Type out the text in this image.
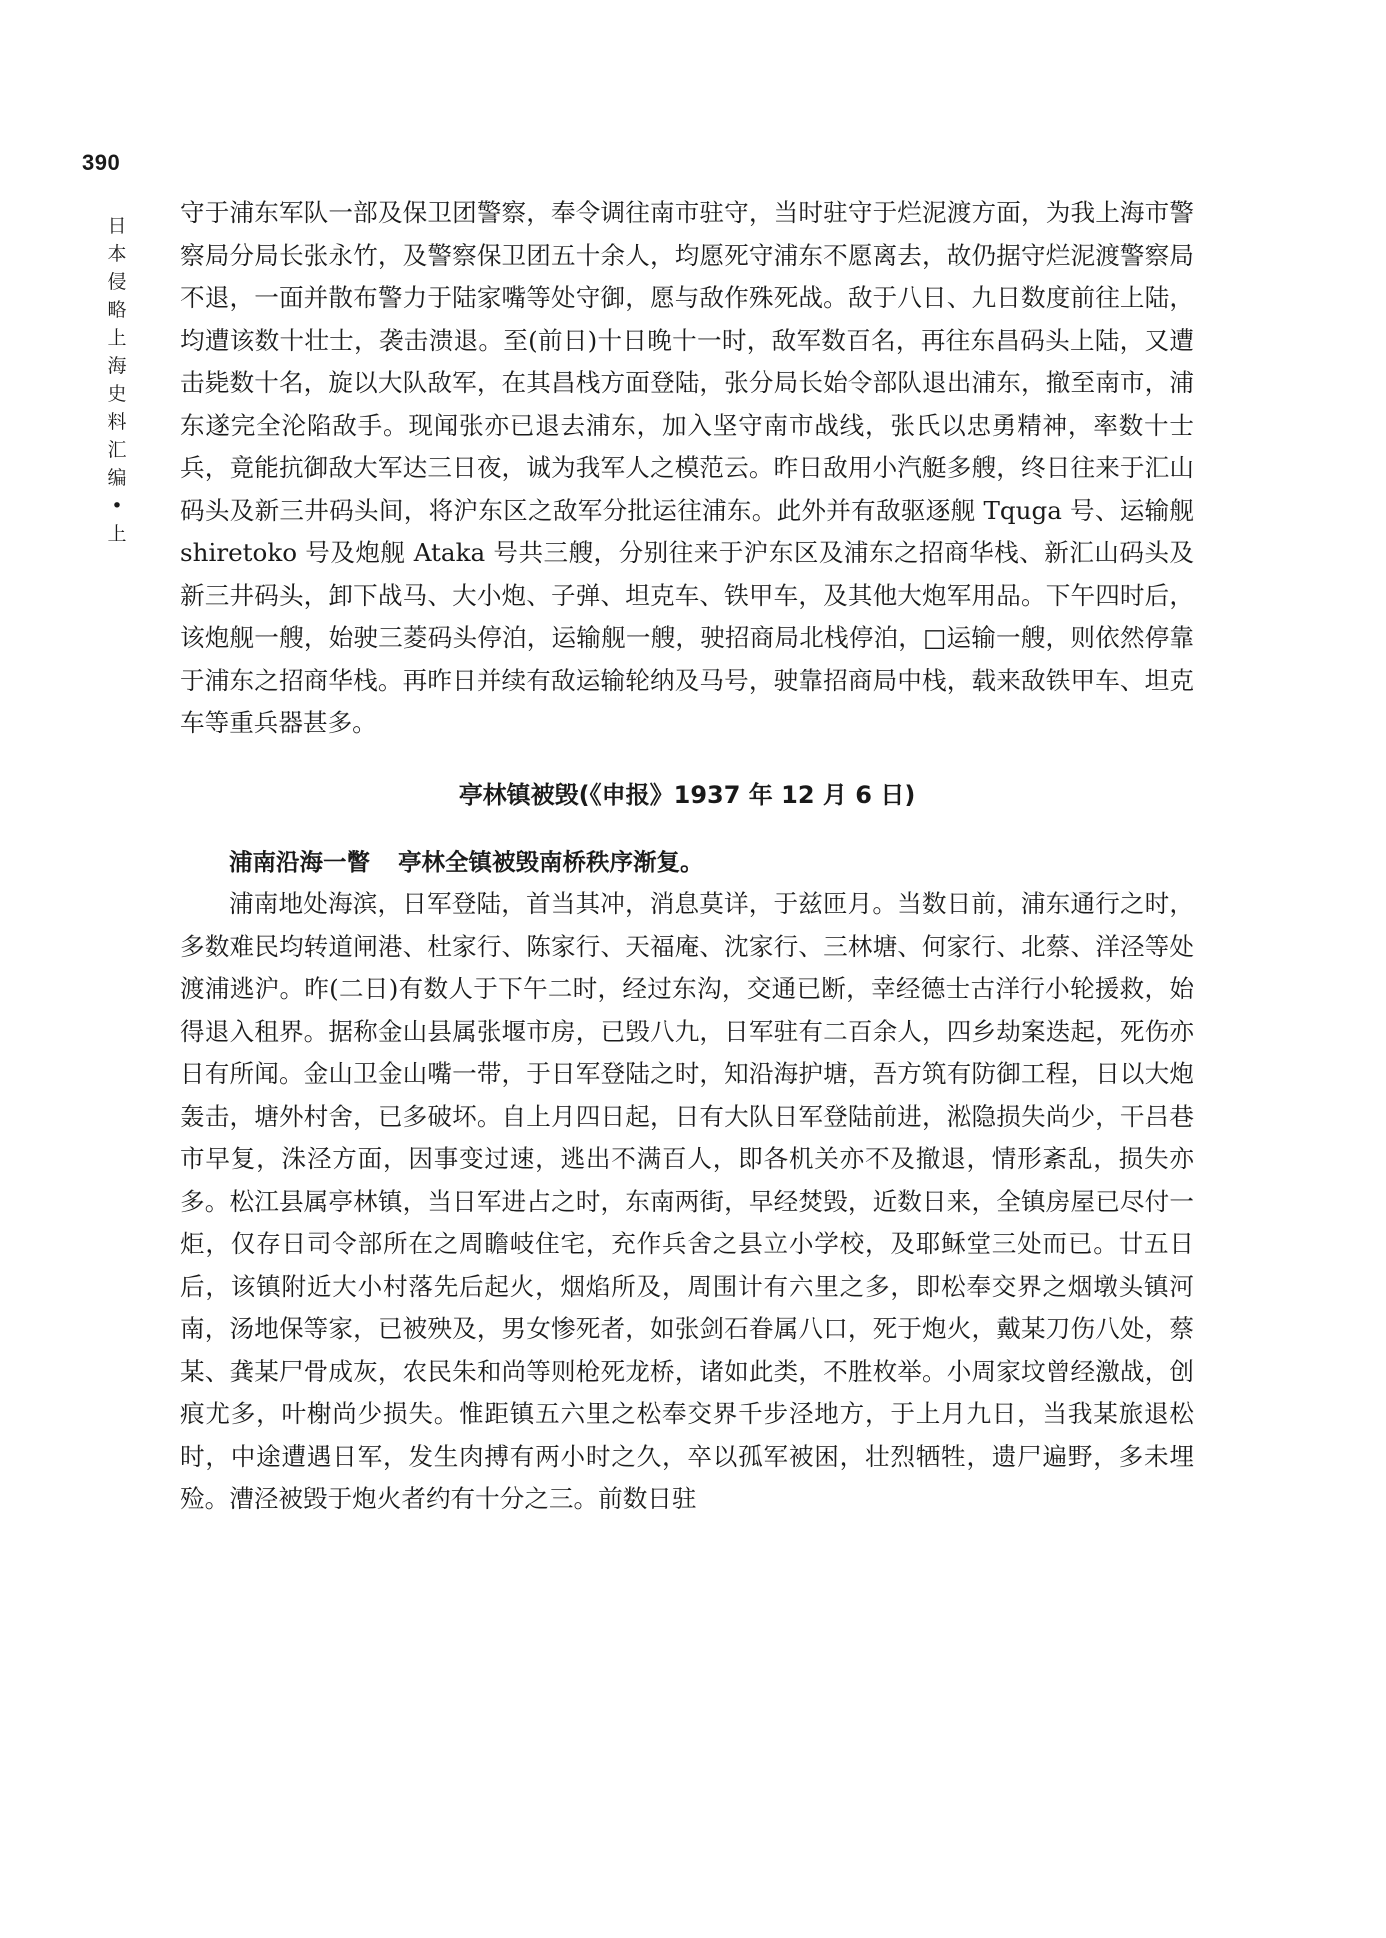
390
日本侵略上海史料汇编 • 上

守于浦东军队一部及保卫团警察，奉令调往南市驻守，当时驻守于烂泥渡方面，为我上海市警察局分局长张永竹，及警察保卫团五十余人，均愿死守浦东不愿离去，故仍据守烂泥渡警察局不退，一面并散布警力于陆家嘴等处守御，愿与敌作殊死战。敌于八日、九日数度前往上陆，均遭该数十壮士，袭击溃退。至(前日)十日晚十一时，敌军数百名，再往东昌码头上陆，又遭击毙数十名，旋以大队敌军，在其昌栈方面登陆，张分局长始令部队退出浦东，撤至南市，浦东遂完全沦陷敌手。现闻张亦已退去浦东，加入坚守南市战线，张氏以忠勇精神，率数十士兵，竟能抗御敌大军达三日夜，诚为我军人之模范云。昨日敌用小汽艇多艘，终日往来于汇山码头及新三井码头间，将沪东区之敌军分批运往浦东。此外并有敌驱逐舰 Tquga 号、运输舰 shiretoko 号及炮舰 Ataka 号共三艘，分别往来于沪东区及浦东之招商华栈、新汇山码头及新三井码头，卸下战马、大小炮、子弹、坦克车、铁甲车，及其他大炮军用品。下午四时后，该炮舰一艘，始驶三菱码头停泊，运输舰一艘，驶招商局北栈停泊，□运输一艘，则依然停靠于浦东之招商华栈。再昨日并续有敌运输轮纳及马号，驶靠招商局中栈，载来敌铁甲车、坦克车等重兵器甚多。

亭林镇被毁(《申报》1937 年 12 月 6 日)

浦南沿海一瞥 亭林全镇被毁南桥秩序渐复。

浦南地处海滨，日军登陆，首当其冲，消息莫详，于兹匝月。当数日前，浦东通行之时，多数难民均转道闸港、杜家行、陈家行、天福庵、沈家行、三林塘、何家行、北蔡、洋泾等处渡浦逃沪。昨(二日)有数人于下午二时，经过东沟，交通已断，幸经德士古洋行小轮援救，始得退入租界。据称金山县属张堰市房，已毁八九，日军驻有二百余人，四乡劫案迭起，死伤亦日有所闻。金山卫金山嘴一带，于日军登陆之时，知沿海护塘，吾方筑有防御工程，日以大炮轰击，塘外村舍，已多破坏。自上月四日起，日有大队日军登陆前进，淞隐损失尚少，干吕巷市早复，洙泾方面，因事变过速，逃出不满百人，即各机关亦不及撤退，情形紊乱，损失亦多。松江县属亭林镇，当日军进占之时，东南两街，早经焚毁，近数日来，全镇房屋已尽付一炬，仅存日司令部所在之周瞻岐住宅，充作兵舍之县立小学校，及耶稣堂三处而已。廿五日后，该镇附近大小村落先后起火，烟焰所及，周围计有六里之多，即松奉交界之烟墩头镇河南，汤地保等家，已被殃及，男女惨死者，如张剑石眷属八口，死于炮火，戴某刀伤八处，蔡某、龚某尸骨成灰，农民朱和尚等则枪死龙桥，诸如此类，不胜枚举。小周家坟曾经激战，创痕尤多，叶榭尚少损失。惟距镇五六里之松奉交界千步泾地方，于上月九日，当我某旅退松时，中途遭遇日军，发生肉搏有两小时之久，卒以孤军被困，壮烈牺牲，遗尸遍野，多未埋殓。漕泾被毁于炮火者约有十分之三。前数日驻
